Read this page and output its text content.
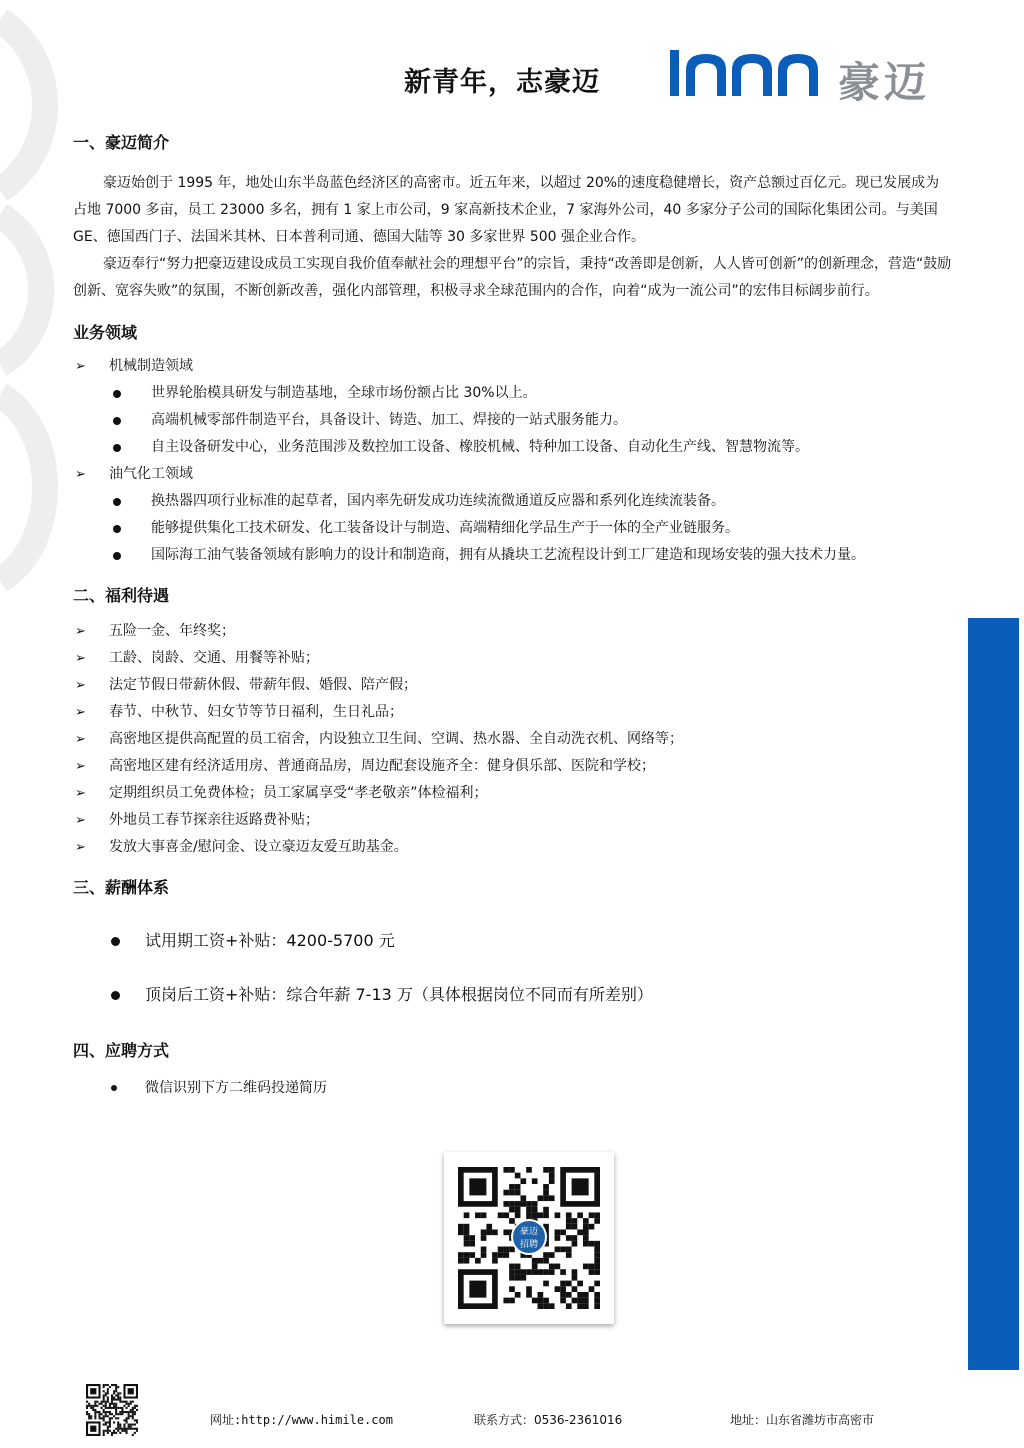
新青年，志豪迈	豪迈
一、豪迈简介

豪迈始创于 1995 年，地处山东半岛蓝色经济区的高密市。近五年来，以超过 20%的速度稳健增长，资产总额过百亿元。现已发展成为占地 7000 多亩，员工 23000 多名，拥有 1 家上市公司，9 家高新技术企业，7 家海外公司，40 多家分子公司的国际化集团公司。与美国 GE、德国西门子、法国米其林、日本普利司通、德国大陆等 30 多家世界 500 强企业合作。

豪迈奉行“努力把豪迈建设成员工实现自我价值奉献社会的理想平台”的宗旨，秉持“改善即是创新，人人皆可创新”的创新理念，营造“鼓励创新、宽容失败”的氛围，不断创新改善，强化内部管理，积极寻求全球范围内的合作，向着“成为一流公司”的宏伟目标阔步前行。

业务领域
➢ 机械制造领域
世界轮胎模具研发与制造基地，全球市场份额占比 30%以上。
高端机械零部件制造平台，具备设计、铸造、加工、焊接的一站式服务能力。
自主设备研发中心，业务范围涉及数控加工设备、橡胶机械、特种加工设备、自动化生产线、智慧物流等。
➢ 油气化工领域
换热器四项行业标准的起草者，国内率先研发成功连续流微通道反应器和系列化连续流装备。
能够提供集化工技术研发、化工装备设计与制造、高端精细化学品生产于一体的全产业链服务。
国际海工油气装备领域有影响力的设计和制造商，拥有从撬块工艺流程设计到工厂建造和现场安装的强大技术力量。
二、福利待遇
➢ 五险一金、年终奖；
➢ 工龄、岗龄、交通、用餐等补贴；
➢ 法定节假日带薪休假、带薪年假、婚假、陪产假；
➢ 春节、中秋节、妇女节等节日福利，生日礼品；
➢ 高密地区提供高配置的员工宿舍，内设独立卫生间、空调、热水器、全自动洗衣机、网络等；
➢ 高密地区建有经济适用房、普通商品房，周边配套设施齐全：健身俱乐部、医院和学校；
➢ 定期组织员工免费体检；员工家属享受“孝老敬亲”体检福利；
➢ 外地员工春节探亲往返路费补贴；
➢ 发放大事喜金/慰问金、设立豪迈友爱互助基金。
三、薪酬体系
试用期工资+补贴：4200-5700 元
顶岗后工资+补贴：综合年薪 7-13 万（具体根据岗位不同而有所差别）
四、应聘方式
微信识别下方二维码投递简历
豪迈
招聘
网址:http://www.himile.com	联系方式：0536-2361016	地址：山东省潍坊市高密市
